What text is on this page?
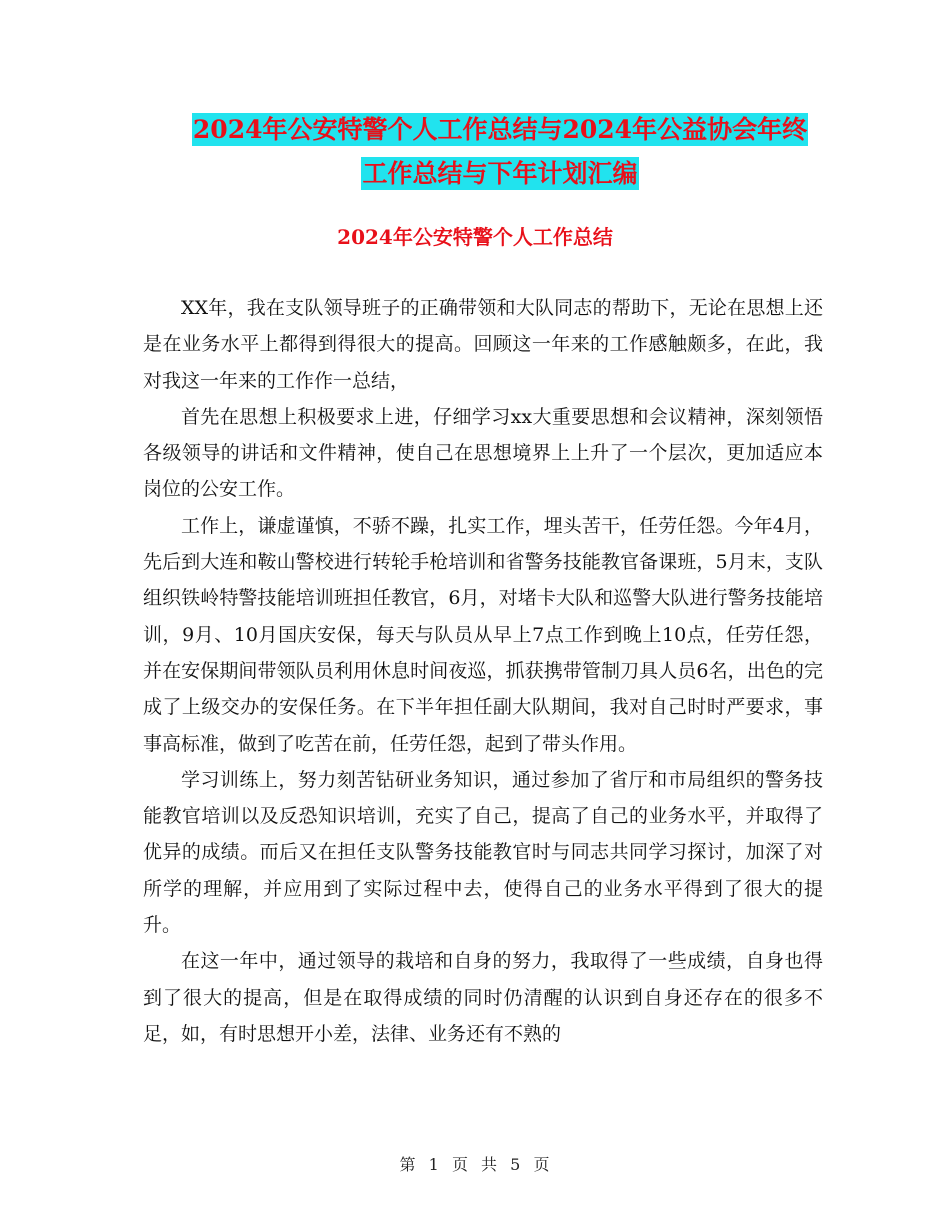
2024年公安特警个人工作总结与2024年公益协会年终
工作总结与下年计划汇编
2024年公安特警个人工作总结

XX年，我在支队领导班子的正确带领和大队同志的帮助下，无论在思想上还是在业务水平上都得到得很大的提高。回顾这一年来的工作感触颇多，在此，我对我这一年来的工作作一总结，

首先在思想上积极要求上进，仔细学习xx大重要思想和会议精神，深刻领悟各级领导的讲话和文件精神，使自己在思想境界上上升了一个层次，更加适应本岗位的公安工作。

工作上，谦虚谨慎，不骄不躁，扎实工作，埋头苦干，任劳任怨。今年4月，先后到大连和鞍山警校进行转轮手枪培训和省警务技能教官备课班，5月末，支队组织铁岭特警技能培训班担任教官，6月，对堵卡大队和巡警大队进行警务技能培训，9月、10月国庆安保，每天与队员从早上7点工作到晚上10点，任劳任怨，并在安保期间带领队员利用休息时间夜巡，抓获携带管制刀具人员6名，出色的完成了上级交办的安保任务。在下半年担任副大队期间，我对自己时时严要求，事事高标准，做到了吃苦在前，任劳任怨，起到了带头作用。

学习训练上，努力刻苦钻研业务知识，通过参加了省厅和市局组织的警务技能教官培训以及反恐知识培训，充实了自己，提高了自己的业务水平，并取得了优异的成绩。而后又在担任支队警务技能教官时与同志共同学习探讨，加深了对所学的理解，并应用到了实际过程中去，使得自己的业务水平得到了很大的提升。

在这一年中，通过领导的栽培和自身的努力，我取得了一些成绩，自身也得到了很大的提高，但是在取得成绩的同时仍清醒的认识到自身还存在的很多不足，如，有时思想开小差，法律、业务还有不熟的

第 1 页 共 5 页
